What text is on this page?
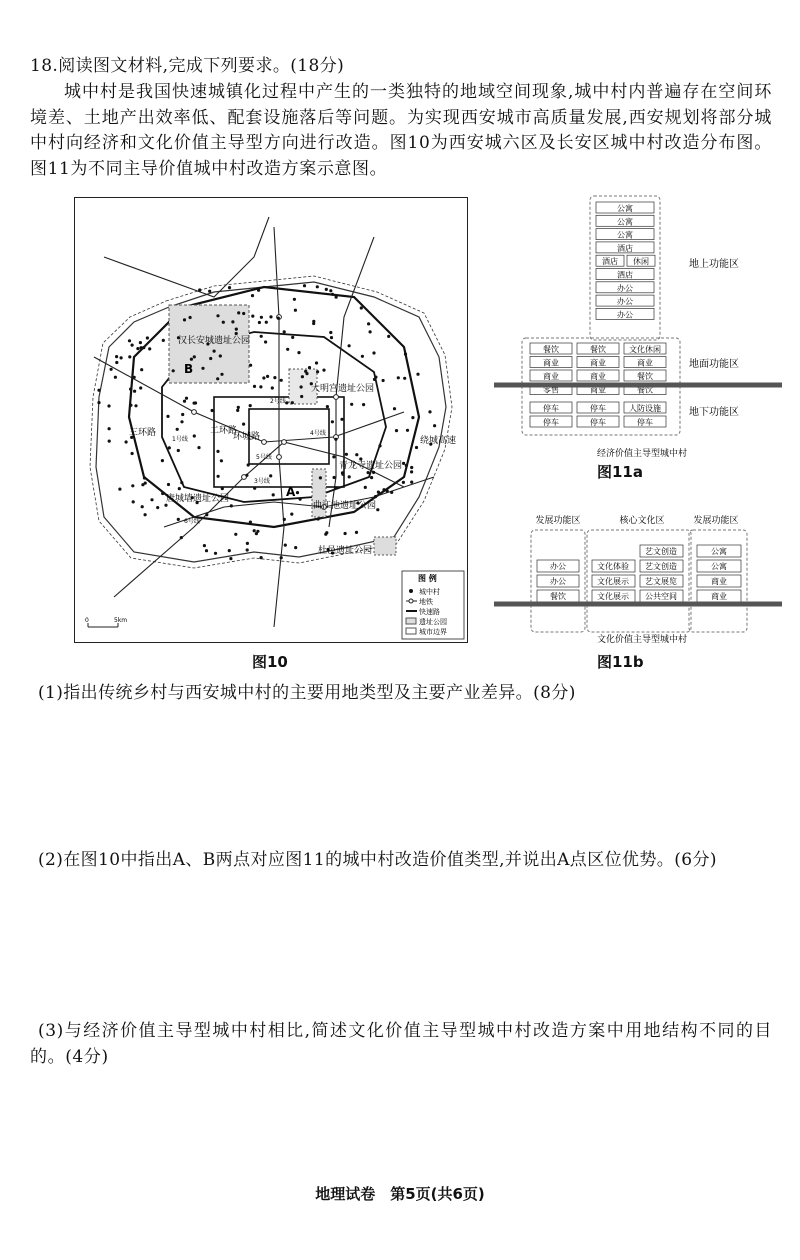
18.阅读图文材料,完成下列要求。(18分)
城中村是我国快速城镇化过程中产生的一类独特的地域空间现象,城中村内普遍存在空间环境差、土地产出效率低、配套设施落后等问题。为实现西安城市高质量发展,西安规划将部分城中村向经济和文化价值主导型方向进行改造。图10为西安城六区及长安区城中村改造分布图。图11为不同主导价值城中村改造方案示意图。
汉长安城遗址公园
B
大明宫遗址公园
青龙寺遗址公园
曲江池遗址公园
唐城墙遗址公园
杜邑遗址公园
三环路	二环路
环城路	绕城高速
1号线
2号线
3号线
4号线
5号线
6号线
A
0	5km
图 例
城中村
地铁
快速路
遗址公园
城市边界
图10
公寓
公寓
公寓
酒店
酒店 休闲
酒店
办公
办公
办公
餐饮	餐饮	文化休闲
商业	商业	商业
商业	商业	餐饮
零售	商业	餐饮
停车	停车	人防设施
停车	停车	停车
地上功能区
地面功能区
地下功能区
经济价值主导型城中村
图11a
发展功能区	核心文化区	发展功能区
办公
办公
餐饮
文化体验
文化展示
文化展示
艺文创造
艺文创造
艺文展览
公共空间
公寓
公寓
商业
商业
文化价值主导型城中村
图11b
(1)指出传统乡村与西安城中村的主要用地类型及主要产业差异。(8分)
(2)在图10中指出A、B两点对应图11的城中村改造价值类型,并说出A点区位优势。(6分)
(3)与经济价值主导型城中村相比,简述文化价值主导型城中村改造方案中用地结构不同的目的。(4分)
地理试卷　第5页(共6页)
